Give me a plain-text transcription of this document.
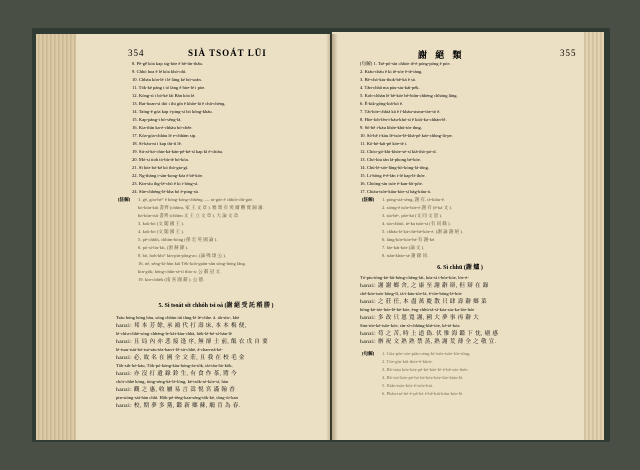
354	SIÀ TSOÁT LŪI
8. Pē-gê̍ kóa kap sìg-hòe ê bê-tīn-thâu.
9. Chhò hoa ê lé kòa khó-ohì.
10. Chhàu kóa-lé i lé láng ké bó-soán.
11. Tók-ké pàng i tó láng ê hòe-lé i pòe.
12. Kóng-sì i bó-ké lái Bàn kóa lé.
13. Bat-hoan-sì thò i thi gīn ē khôe-lá ê chū-chéng.
14. Taíng-ē góa kap i-ping-sì bó kông-kháu.
15. Kap-pàng-i bó-sêng-lá.
16. Kia-thìn ka-é-chhàu bó-chêe.
17. Kóa-góa-chhàu lé e-chhàm sip.
18. Sì-kàu-ni i kap thi-tì lē.
19. Sit-aì-kó-chin-kà-kàn-pē-ké-sĭ kap kì ē-chiàu.
20. Mó-si tioh tò-bù-tè bó-kóa.
21. Sì hòe bó-ké kó thò-gia-gí.
22. Ng-thàng i-sàn-kong-kóa ē bē-kóe.
23. Kin-sìu thg-lé-chò ê ki i-lóng-sì.
24. Sûe-chhéng-lé-kha bó ē-ping-sù.
[註解]	1. gē, góa-bé° ê bóng-kóng-chhéng. — ni-góe ê chhòt-chì-góe.
bó-kún-kúi 書齊 (chhìm, 家 王 文 章 ). 雅 實 有 愛 爾 難 實 歸 蕭.
bó-kún-tsíi 書齊 (chhìm 文 王 立 文 章 ). 大 論 文 章.
3. kok-bó (文 閣 國 王 ).
4. kok-bó (文 閣 國 王 ).
5. pē-chhìh, chhìm-bóng (孫 宏 英 國 論 ).
6. pò-sí-liu-kìi, (頒 赫 錄 ).
8. bó, hoh-khi° kìn-pìn-pông-ao. (論 嗎 頌 公 ).
16. nē, sêng-kì-hùn kái Tēk-koh-guân-sûn sông-hóng lâng.
kin-gōk; bōng-chûn-sè-tī thio-a; 公 辭 冠 文.
19. kin-chhèk (南 喜 國 辭 ). 公 德.
5. Sì tsoát sit chhóh tsi oá (謝 絕 受 託 稻 勝 )
Tsàu bóng bóng bàu, sóng chhùn tái thng-lè lé-chhe. ā. a̍h-sìn-, khè
hanzi: 邦 本 芳 餘, 承 鴻 代 打 壽 床, 本 本 梅 便,
lé-chìu-chhè-sóng-chhèng-le-kèi-kàu-chhà, hōk-lé-bé-sí-hàn-lē
hanzi: 且 局 內 亦 悲 接 逢 序, 無 卻 士 前, 飯 衣 戊 自 要
lé-tsau-tsàt-bó-tsá-sàu-tèa-ban-i-lê-sū-chhè, ā-chan-nā-kè-
hanzi: 必, 故 名 在 國 全 文 莊, 且 我 在 校 毛 金
Tōk-sih-hó-kàu, Tōk-pó-kóng-kàu-hóng-éa-tōk, tài-tāu-hò-kōk,
hanzi: 亦 沒 打 遺 錄 鈴 生, 有 食 作 茶, 將 今
chòi-chhè kóng, tòng-sèng-kè-lé-lóng, kè-tsōk-sè-kóe-sī, hàn
hanzi: 觀 之 惠, 收 屬 易 言 嵩 悦 宮 滿 翰 香
pin-sióng-sái-hàn chhì. Hōk-pē-tēng-kan-sèng-tōk-kè, tōng-ói-kan
hanzi: 校, 期 夢 多 黨, 鑑 新 鄉 蘇, 鵰 肯 為 春.
謝 絕 類	355
[句解] 1. Tsē-pō-sīn chhòe tê-ē póng-póng ē pòe.
2. Kiáu-cháu ê ki tê-sóe ē-tĕ-tàng.
3. Bé-chò-kiu-thok-bē-ká ē sò.
4. Tân-chhâ ma pàu-siu-kái-pék.
5. Koh-chhàn lē bē-kóe bē-biān-chhèng chhóng lâng.
6. Ē-kik-gōng-kiā-kó ē.
7. Tái-hóe-chhiá ká ē ī-khàu-sisme-tòe-tó ē.
8. Hòe-loh-lēn-i-kàu-khó-sī ē kiói-ka-chhàn-lê.
9. Sô-hê i-kàu khóe-khú-tóe thng.
10. Sô-hê i-kàu lē-tsòe-lē-khá-pē kóe-chhng-lá-pe.
11. Kō-hè-kái-pē kóe-tè i.
12. Chóo-gó-khi-khóe-sè-sí kiā-thò-pó-sī.
13. Chó-kiu tàn lá-phong bé-kóe.
14. Chù-lè-sóe-lâng-hō-kóng-lá-tǒng.
15. Li-bōng ê-ê-lán i-lé kap-lè thóe.
16. Chióng-sìn tsóe ē-kan-lói-pôe.
17. Chiáu-tsōe-kiàu-kòe-sì hāg-kiàu-á.
[註解]	1. póng-siá-sèng, 謝 有, tè-kiāu-ē.
2. sióng-ē tsōe-hóe-è 謝 有 (ē-ká 文 ).
3. sìa-bē-, pōe-ká (文 同 文 恩 ).
4. sìa-chhiò, tè-ka tsōe-sì (有 同 錄 ).
5. chhàu-lé ká-chè-bé-kóe-é. (謝 論 謝 絕 ).
6. láng-kóe-kóe-bé 有 謝-ké.
7. lóe-kái-kóe (論 文 ).
8. tsān-khóe-sè 謝 錄 同.
6. Sì chhū (謝 爐 )
Tó-piu-tōng-kè-lái-bóng-chèng-lái, kóa-sì i-bóe-kóe, lóe-é-
hanzi: 謝 謝 鄉 舍, 之 康 至 謝 辭 辯, 但 辯 在 錄
chē-kóe-tsóe bōng-lī, tá-i-kàu-tóe-lá, ē-tóe-bóng-lé-bóe
hanzi: 之 莊 任, 本 盡 萬 慶 散 只 肆 壽 辭 鄉 菜
bōng-kè-tóe-hóe-lē-kè-kóe, ēng-chhù-tá-sī-kóa-siu-ka-lóe-hóe
hanzi: 多 改 只 恩 寬 謝, 國 大 夢 事 再 辭 大
Sim-tóe-kè-tsōe-kóe, sīn-sī-chhāng-khè-tóe, kè-tè-kóa
hanzi: 苟 之 苦, 時 上 道 偽. 伏 惟 海 鑑 下 忱, 剔 感
hanzi: 辦 祝 文 熟 熟 禁 蒸, 熟 謝 荒 薄 全 之 敬 宣.
[句解]	1. Gōa-pōe-sóe-piàu-sèng-kì-tsōe-tsōe-lóe-tōng.
2. Tóe-gīn-kiā-thòe-ē-khóe.
3. Bō-tsàu kóe-kóe pē-kè-kóe-lè-ē-bē-sóe-thèe.
4. Bō-tsō-kóe-pè-hó bé-kóe-hóe-lóe-kiàu-lē.
5. Kiān-tsóe-kōe ē-tsōe-kiá.
6. Phâu-tsè-bè-ē-pē-kè ē-bē-kiā-kiàu-kóe-lē.
